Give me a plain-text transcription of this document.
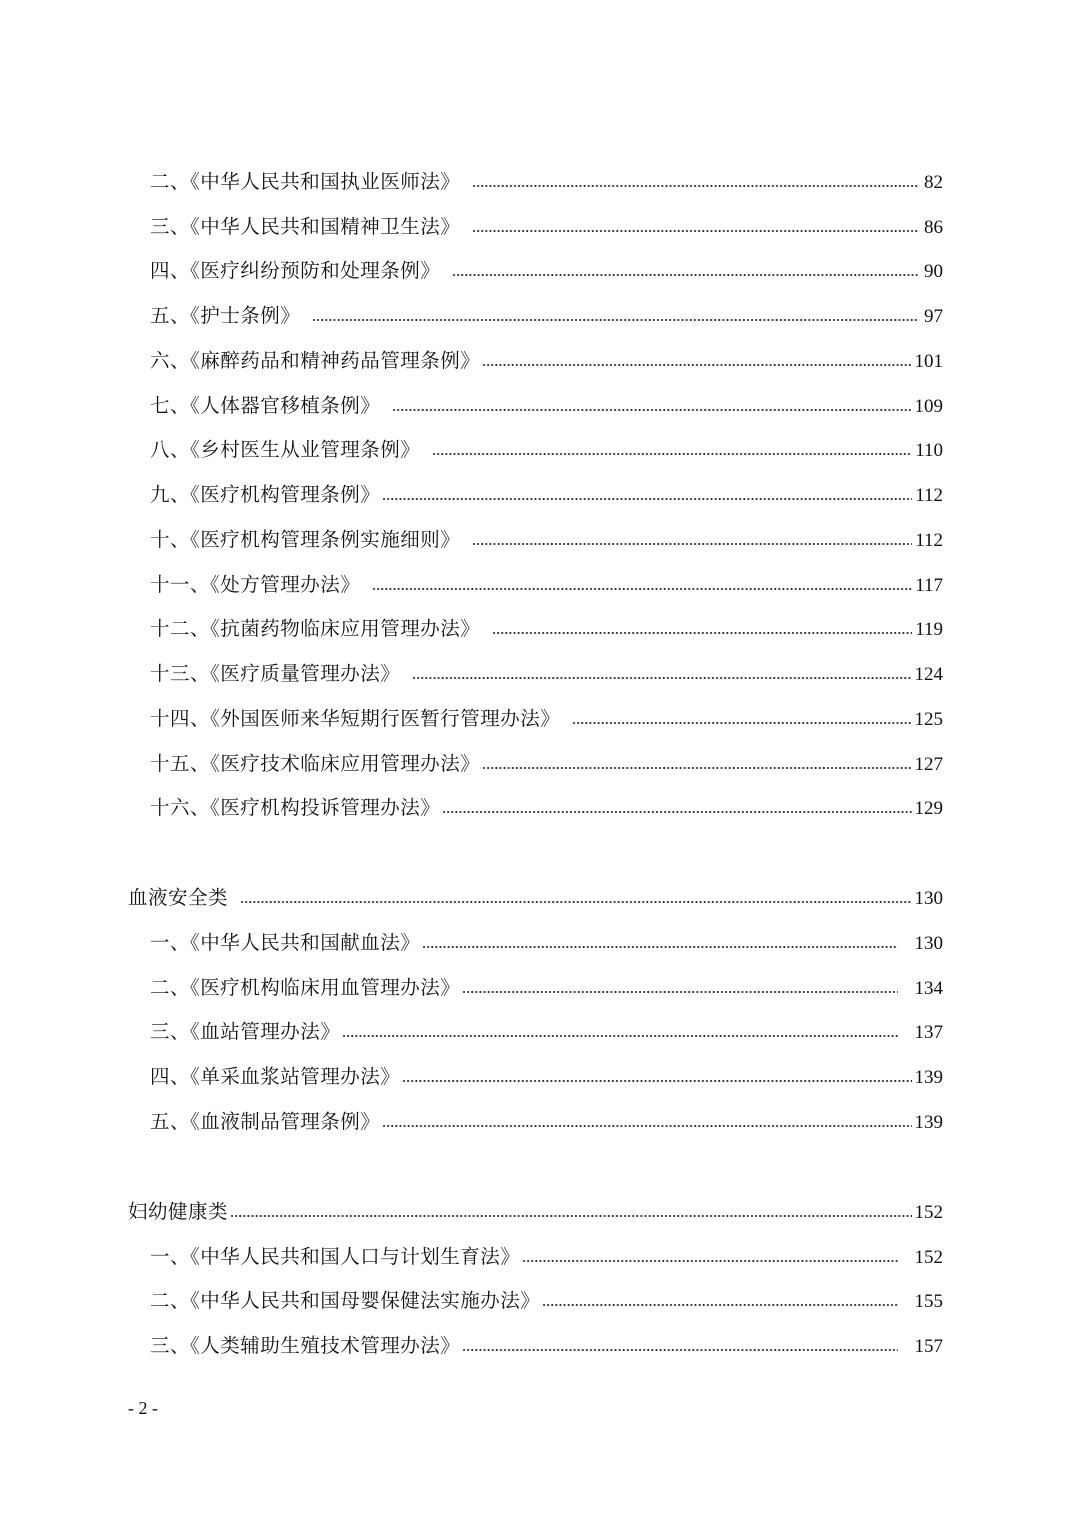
二、《中华人民共和国执业医师法》	82
三、《中华人民共和国精神卫生法》	86
四、《医疗纠纷预防和处理条例》	90
五、《护士条例》	97
六、《麻醉药品和精神药品管理条例》	101
七、《人体器官移植条例》	109
八、《乡村医生从业管理条例》	110
九、《医疗机构管理条例》	112
十、《医疗机构管理条例实施细则》	112
十一、《处方管理办法》	117
十二、《抗菌药物临床应用管理办法》	119
十三、《医疗质量管理办法》	124
十四、《外国医师来华短期行医暂行管理办法》	125
十五、《医疗技术临床应用管理办法》	127
十六、《医疗机构投诉管理办法》	129
血液安全类	130
一、《中华人民共和国献血法》	130
二、《医疗机构临床用血管理办法》	134
三、《血站管理办法》	137
四、《单采血浆站管理办法》	139
五、《血液制品管理条例》	139
妇幼健康类	152
一、《中华人民共和国人口与计划生育法》	152
二、《中华人民共和国母婴保健法实施办法》	155
三、《人类辅助生殖技术管理办法》	157
- 2 -
